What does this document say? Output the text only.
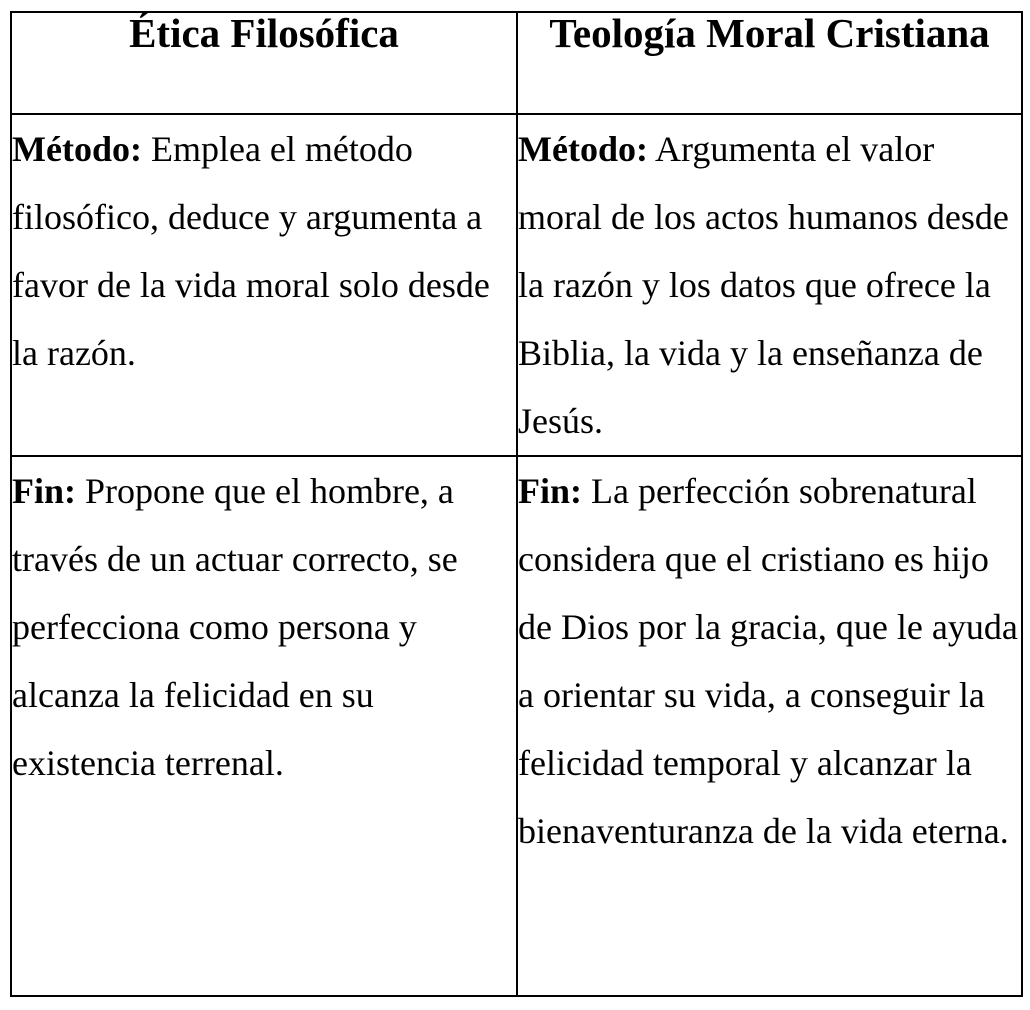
Ética Filosófica	Teología Moral Cristiana
Método: Emplea el método filosófico, deduce y argumenta a favor de la vida moral solo desde la razón.	Método: Argumenta el valor moral de los actos humanos desde la razón y los datos que ofrece la Biblia, la vida y la enseñanza de Jesús.
Fin: Propone que el hombre, a través de un actuar correcto, se perfecciona como persona y alcanza la felicidad en su existencia terrenal.	Fin: La perfección sobrenatural considera que el cristiano es hijo de Dios por la gracia, que le ayuda a orientar su vida, a conseguir la felicidad temporal y alcanzar la bienaventuranza de la vida eterna.
